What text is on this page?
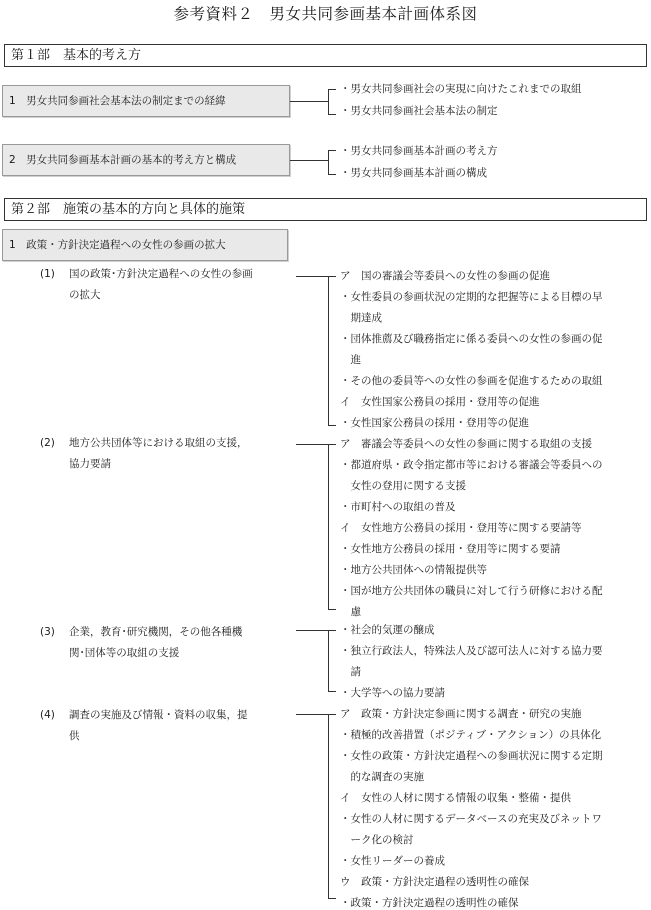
参考資料２　男女共同参画基本計画体系図
第１部　基本的考え方
1　男女共同参画社会基本法の制定までの経緯
・男女共同参画社会の実現に向けたこれまでの取組
・男女共同参画社会基本法の制定
2　男女共同参画基本計画の基本的考え方と構成
・男女共同参画基本計画の考え方
・男女共同参画基本計画の構成
第２部　施策の基本的方向と具体的施策
1　政策・方針決定過程への女性の参画の拡大
(1) 国の政策･方針決定過程への女性の参画
の拡大
ア　国の審議会等委員への女性の参画の促進
・女性委員の参画状況の定期的な把握等による目標の早
　期達成
・団体推薦及び職務指定に係る委員への女性の参画の促
　進
・その他の委員等への女性の参画を促進するための取組
イ　女性国家公務員の採用・登用等の促進
・女性国家公務員の採用・登用等の促進
(2) 地方公共団体等における取組の支援，
協力要請
ア　審議会等委員への女性の参画に関する取組の支援
・都道府県・政令指定都市等における審議会等委員への
　女性の登用に関する支援
・市町村への取組の普及
イ　女性地方公務員の採用・登用等に関する要請等
・女性地方公務員の採用・登用等に関する要請
・地方公共団体への情報提供等
・国が地方公共団体の職員に対して行う研修における配
　慮
(3) 企業，教育･研究機関，その他各種機
関･団体等の取組の支援
・社会的気運の醸成
・独立行政法人，特殊法人及び認可法人に対する協力要
　請
・大学等への協力要請
(4) 調査の実施及び情報・資料の収集，提
供
ア　政策・方針決定参画に関する調査・研究の実施
・積極的改善措置（ポジティブ・アクション）の具体化
・女性の政策・方針決定過程への参画状況に関する定期
　的な調査の実施
イ　女性の人材に関する情報の収集・整備・提供
・女性の人材に関するデータベースの充実及びネットワ
　ーク化の検討
・女性リーダーの養成
ウ　政策・方針決定過程の透明性の確保
・政策・方針決定過程の透明性の確保
